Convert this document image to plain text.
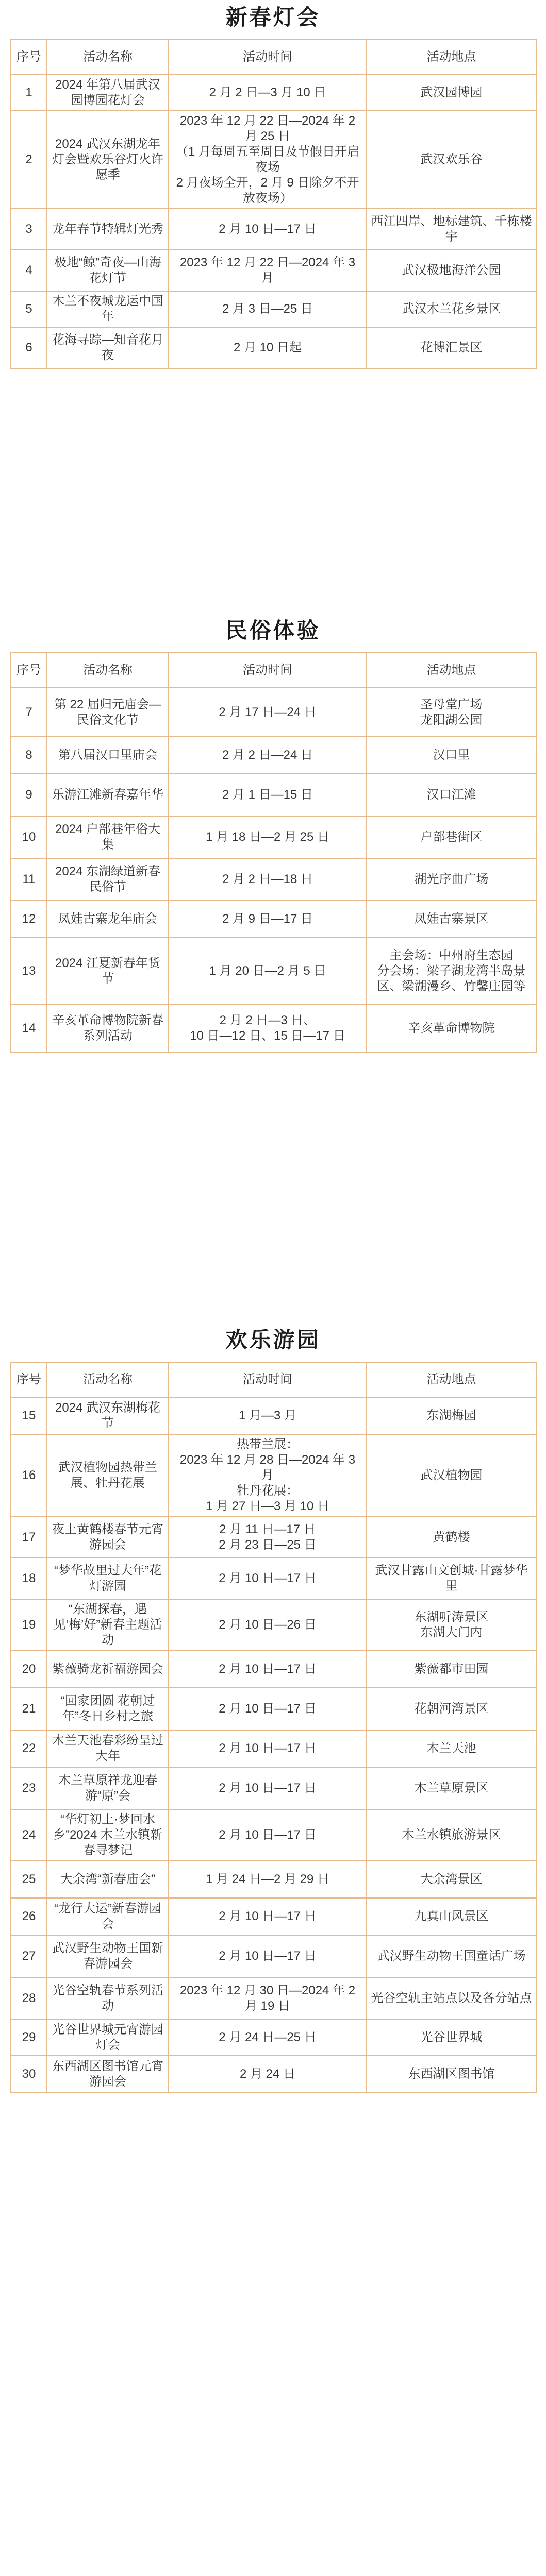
新春灯会
序号	活动名称	活动时间	活动地点
1	2024 年第八届武汉园博园花灯会	2 月 2 日—3 月 10 日	武汉园博园
2	2024 武汉东湖龙年灯会暨欢乐谷灯火许愿季	2023 年 12 月 22 日—2024 年 2 月 25 日
（1 月每周五至周日及节假日开启夜场
2 月夜场全开，2 月 9 日除夕不开放夜场）	武汉欢乐谷
3	龙年春节特辑灯光秀	2 月 10 日—17 日	西江四岸、地标建筑、千栋楼宇
4	极地“鲸”奇夜—山海花灯节	2023 年 12 月 22 日—2024 年 3 月	武汉极地海洋公园
5	木兰不夜城龙运中国年	2 月 3 日—25 日	武汉木兰花乡景区
6	花海寻踪—知音花月夜	2 月 10 日起	花博汇景区
民俗体验
序号	活动名称	活动时间	活动地点
7	第 22 届归元庙会—民俗文化节	2 月 17 日—24 日	圣母堂广场
龙阳湖公园
8	第八届汉口里庙会	2 月 2 日—24 日	汉口里
9	乐游江滩新春嘉年华	2 月 1 日—15 日	汉口江滩
10	2024 户部巷年俗大集	1 月 18 日—2 月 25 日	户部巷街区
11	2024 东湖绿道新春民俗节	2 月 2 日—18 日	湖光序曲广场
12	凤娃古寨龙年庙会	2 月 9 日—17 日	凤娃古寨景区
13	2024 江夏新春年货节	1 月 20 日—2 月 5 日	主会场：中州府生态园
分会场：梁子湖龙湾半岛景区、梁湖漫乡、竹馨庄园等
14	辛亥革命博物院新春系列活动	2 月 2 日—3 日、
10 日—12 日、15 日—17 日	辛亥革命博物院
欢乐游园
序号	活动名称	活动时间	活动地点
15	2024 武汉东湖梅花节	1 月—3 月	东湖梅园
16	武汉植物园热带兰展、牡丹花展	热带兰展：
2023 年 12 月 28 日—2024 年 3 月
牡丹花展：
1 月 27 日—3 月 10 日	武汉植物园
17	夜上黄鹤楼春节元宵游园会	2 月 11 日—17 日
2 月 23 日—25 日	黄鹤楼
18	“梦华故里过大年”花灯游园	2 月 10 日—17 日	武汉甘露山文创城·甘露梦华里
19	“东湖探春，遇见‘梅’好”新春主题活动	2 月 10 日—26 日	东湖听涛景区
东湖大门内
20	紫薇骑龙祈福游园会	2 月 10 日—17 日	紫薇都市田园
21	“回家团圆 花朝过年”冬日乡村之旅	2 月 10 日—17 日	花朝河湾景区
22	木兰天池春彩纷呈过大年	2 月 10 日—17 日	木兰天池
23	木兰草原祥龙迎春游“原”会	2 月 10 日—17 日	木兰草原景区
24	“华灯初上·梦回水乡”2024 木兰水镇新春寻梦记	2 月 10 日—17 日	木兰水镇旅游景区
25	大余湾“新春庙会”	1 月 24 日—2 月 29 日	大余湾景区
26	“龙行大运”新春游园会	2 月 10 日—17 日	九真山风景区
27	武汉野生动物王国新春游园会	2 月 10 日—17 日	武汉野生动物王国童话广场
28	光谷空轨春节系列活动	2023 年 12 月 30 日—2024 年 2 月 19 日	光谷空轨主站点以及各分站点
29	光谷世界城元宵游园灯会	2 月 24 日—25 日	光谷世界城
30	东西湖区图书馆元宵游园会	2 月 24 日	东西湖区图书馆
